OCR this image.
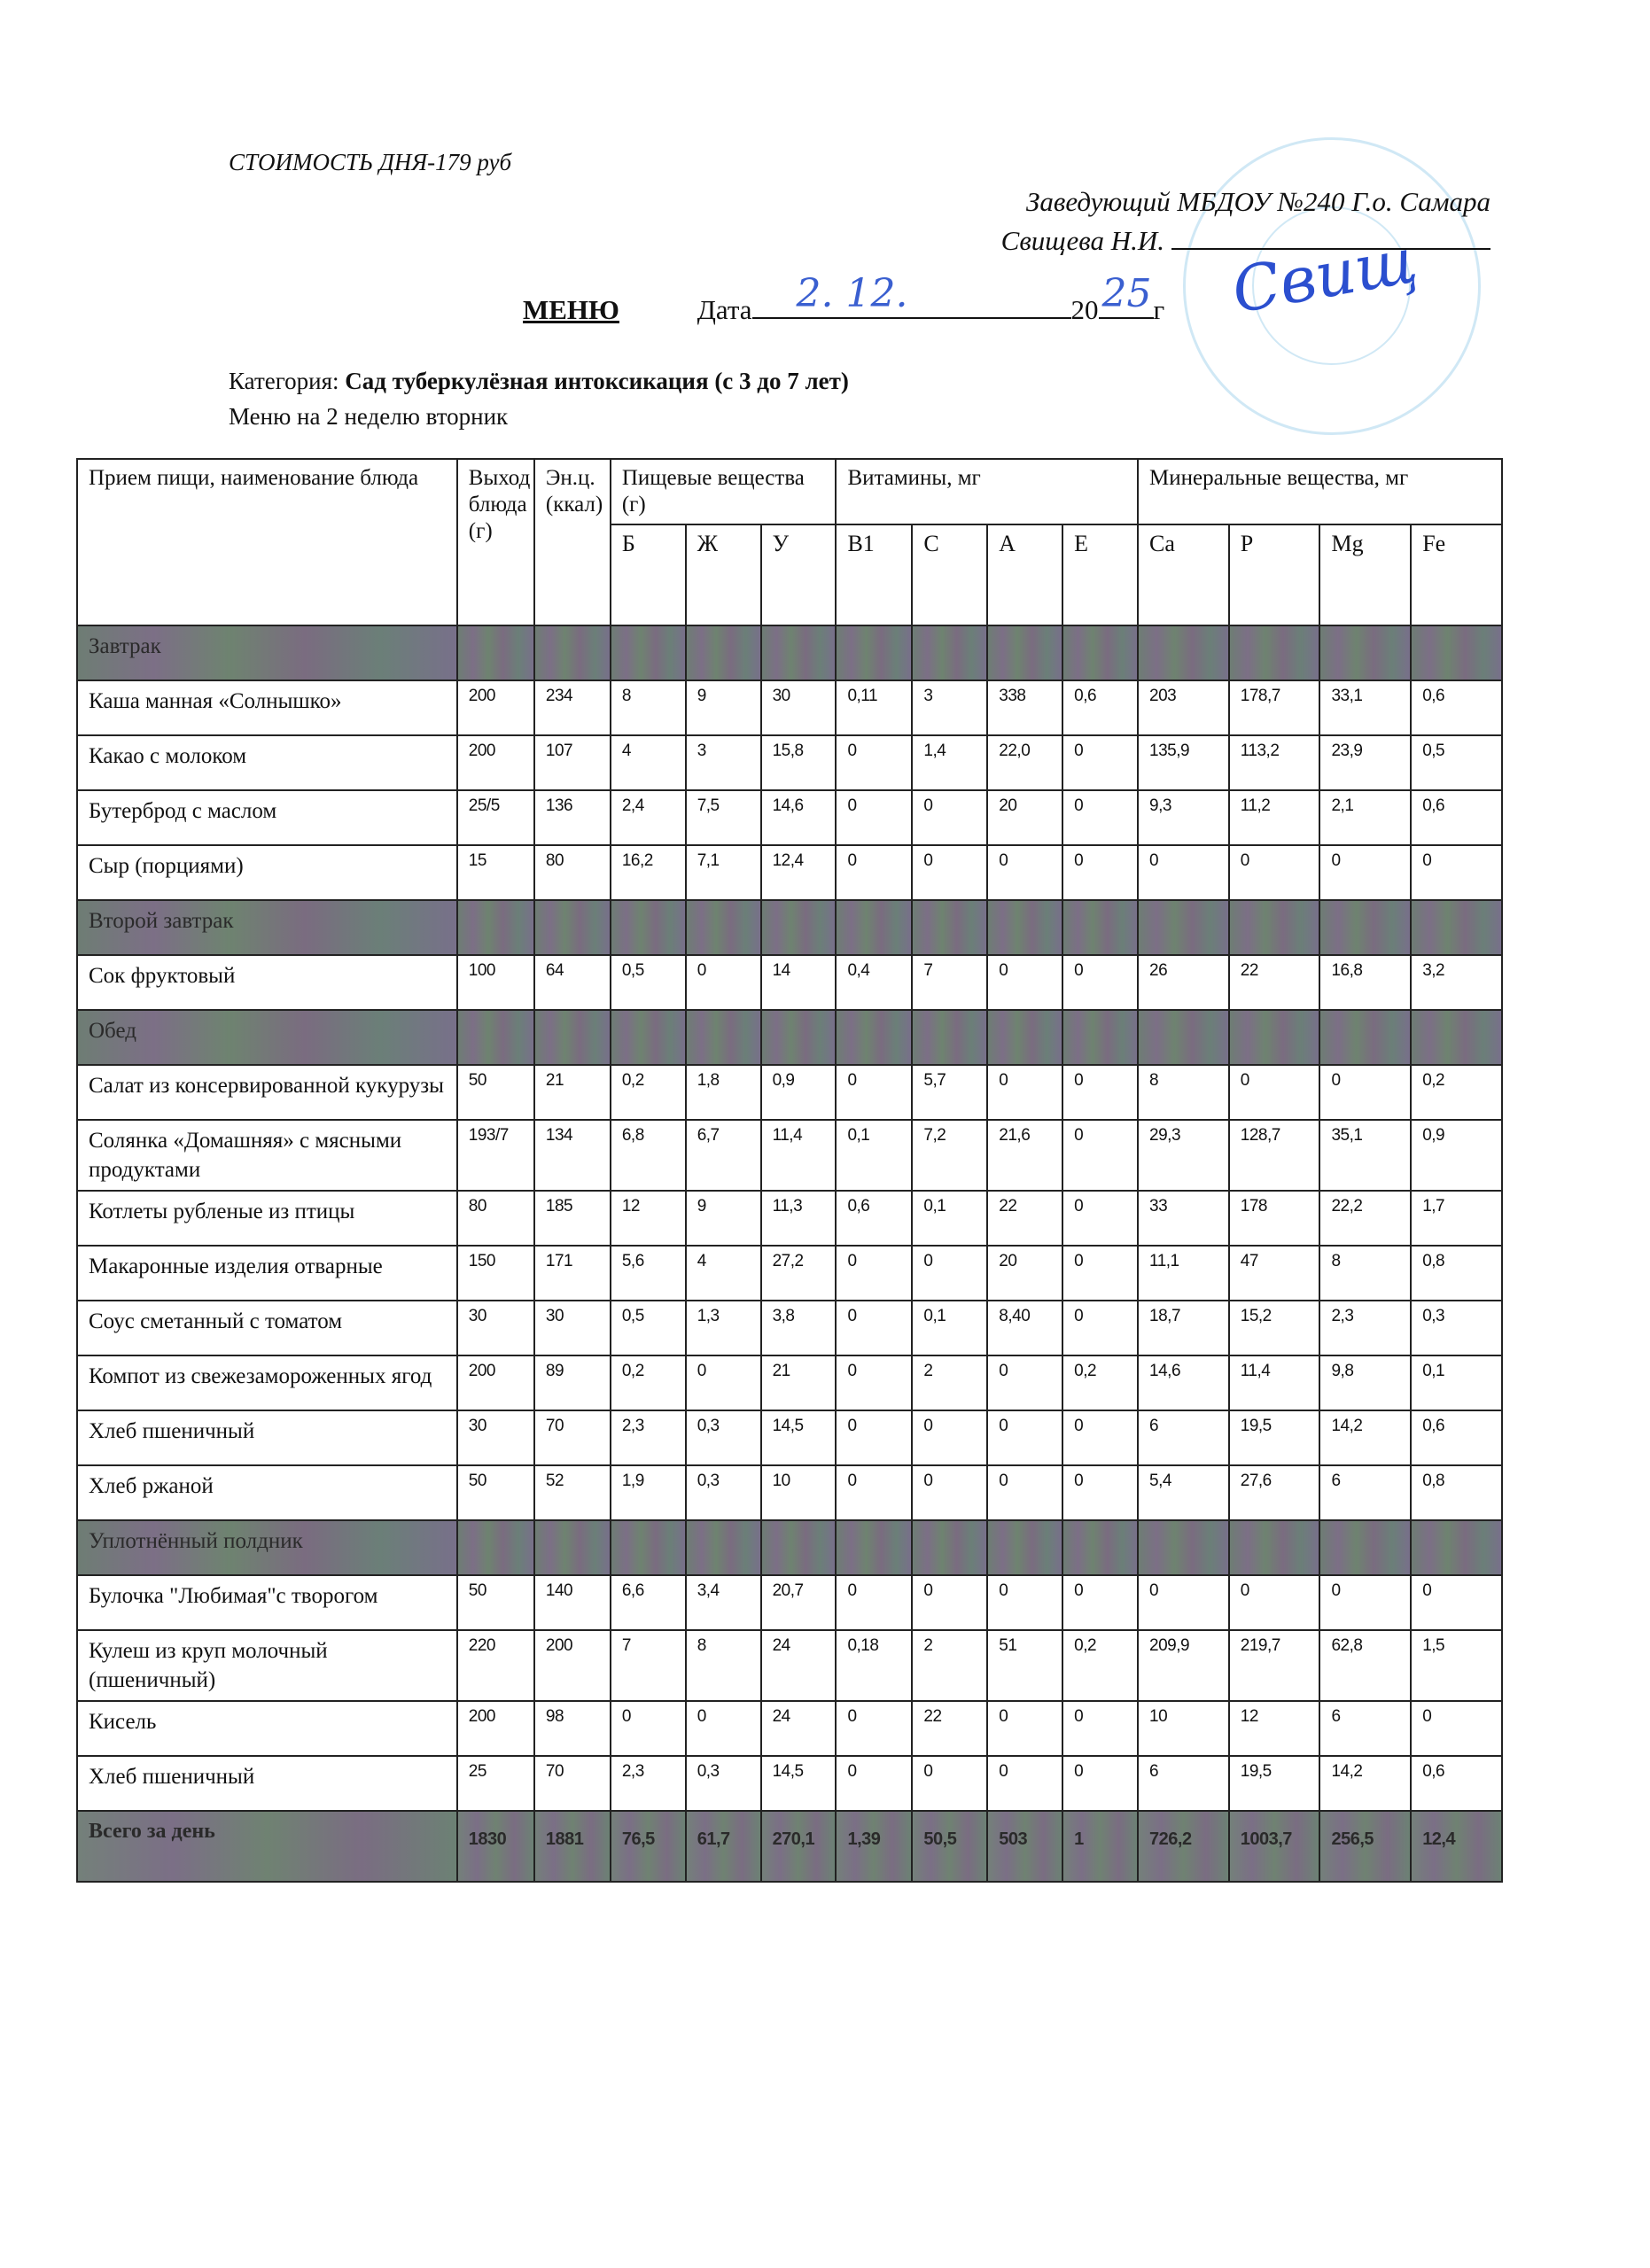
СТОИМОСТЬ ДНЯ-179 руб
Заведующий МБДОУ №240 Г.о. Самара
Свищева Н.И.	Свищ
МЕНЮ	Дата 2. 12.	20 25 г
Категория: Сад туберкулёзная интоксикация (с 3 до 7 лет)
Меню на 2 неделю вторник
Прием пищи, наименование блюда	Выход блюда (г)	Эн.ц. (ккал)	Пищевые вещества (г)			Витамины, мг				Минеральные вещества, мг			
			Б	Ж	У	B1	C	A	E	Ca	P	Mg	Fe
Завтрак													
Каша манная «Солнышко»	200	234	8	9	30	0,11	3	338	0,6	203	178,7	33,1	0,6
Какао с молоком	200	107	4	3	15,8	0	1,4	22,0	0	135,9	113,2	23,9	0,5
Бутерброд с маслом	25/5	136	2,4	7,5	14,6	0	0	20	0	9,3	11,2	2,1	0,6
Сыр (порциями)	15	80	16,2	7,1	12,4	0	0	0	0	0	0	0	0
Второй завтрак													
Сок фруктовый	100	64	0,5	0	14	0,4	7	0	0	26	22	16,8	3,2
Обед													
Салат из консервированной кукурузы	50	21	0,2	1,8	0,9	0	5,7	0	0	8	0	0	0,2
Солянка «Домашняя» с мясными продуктами	193/7	134	6,8	6,7	11,4	0,1	7,2	21,6	0	29,3	128,7	35,1	0,9
Котлеты рубленые из птицы	80	185	12	9	11,3	0,6	0,1	22	0	33	178	22,2	1,7
Макаронные изделия отварные	150	171	5,6	4	27,2	0	0	20	0	11,1	47	8	0,8
Соус сметанный с томатом	30	30	0,5	1,3	3,8	0	0,1	8,40	0	18,7	15,2	2,3	0,3
Компот из свежезамороженных ягод	200	89	0,2	0	21	0	2	0	0,2	14,6	11,4	9,8	0,1
Хлеб пшеничный	30	70	2,3	0,3	14,5	0	0	0	0	6	19,5	14,2	0,6
Хлеб ржаной	50	52	1,9	0,3	10	0	0	0	0	5,4	27,6	6	0,8
Уплотнённый полдник													
Булочка "Любимая"с творогом	50	140	6,6	3,4	20,7	0	0	0	0	0	0	0	0
Кулеш из круп молочный (пшеничный)	220	200	7	8	24	0,18	2	51	0,2	209,9	219,7	62,8	1,5
Кисель	200	98	0	0	24	0	22	0	0	10	12	6	0
Хлеб пшеничный	25	70	2,3	0,3	14,5	0	0	0	0	6	19,5	14,2	0,6
Всего за день	1830	1881	76,5	61,7	270,1	1,39	50,5	503	1	726,2	1003,7	256,5	12,4
